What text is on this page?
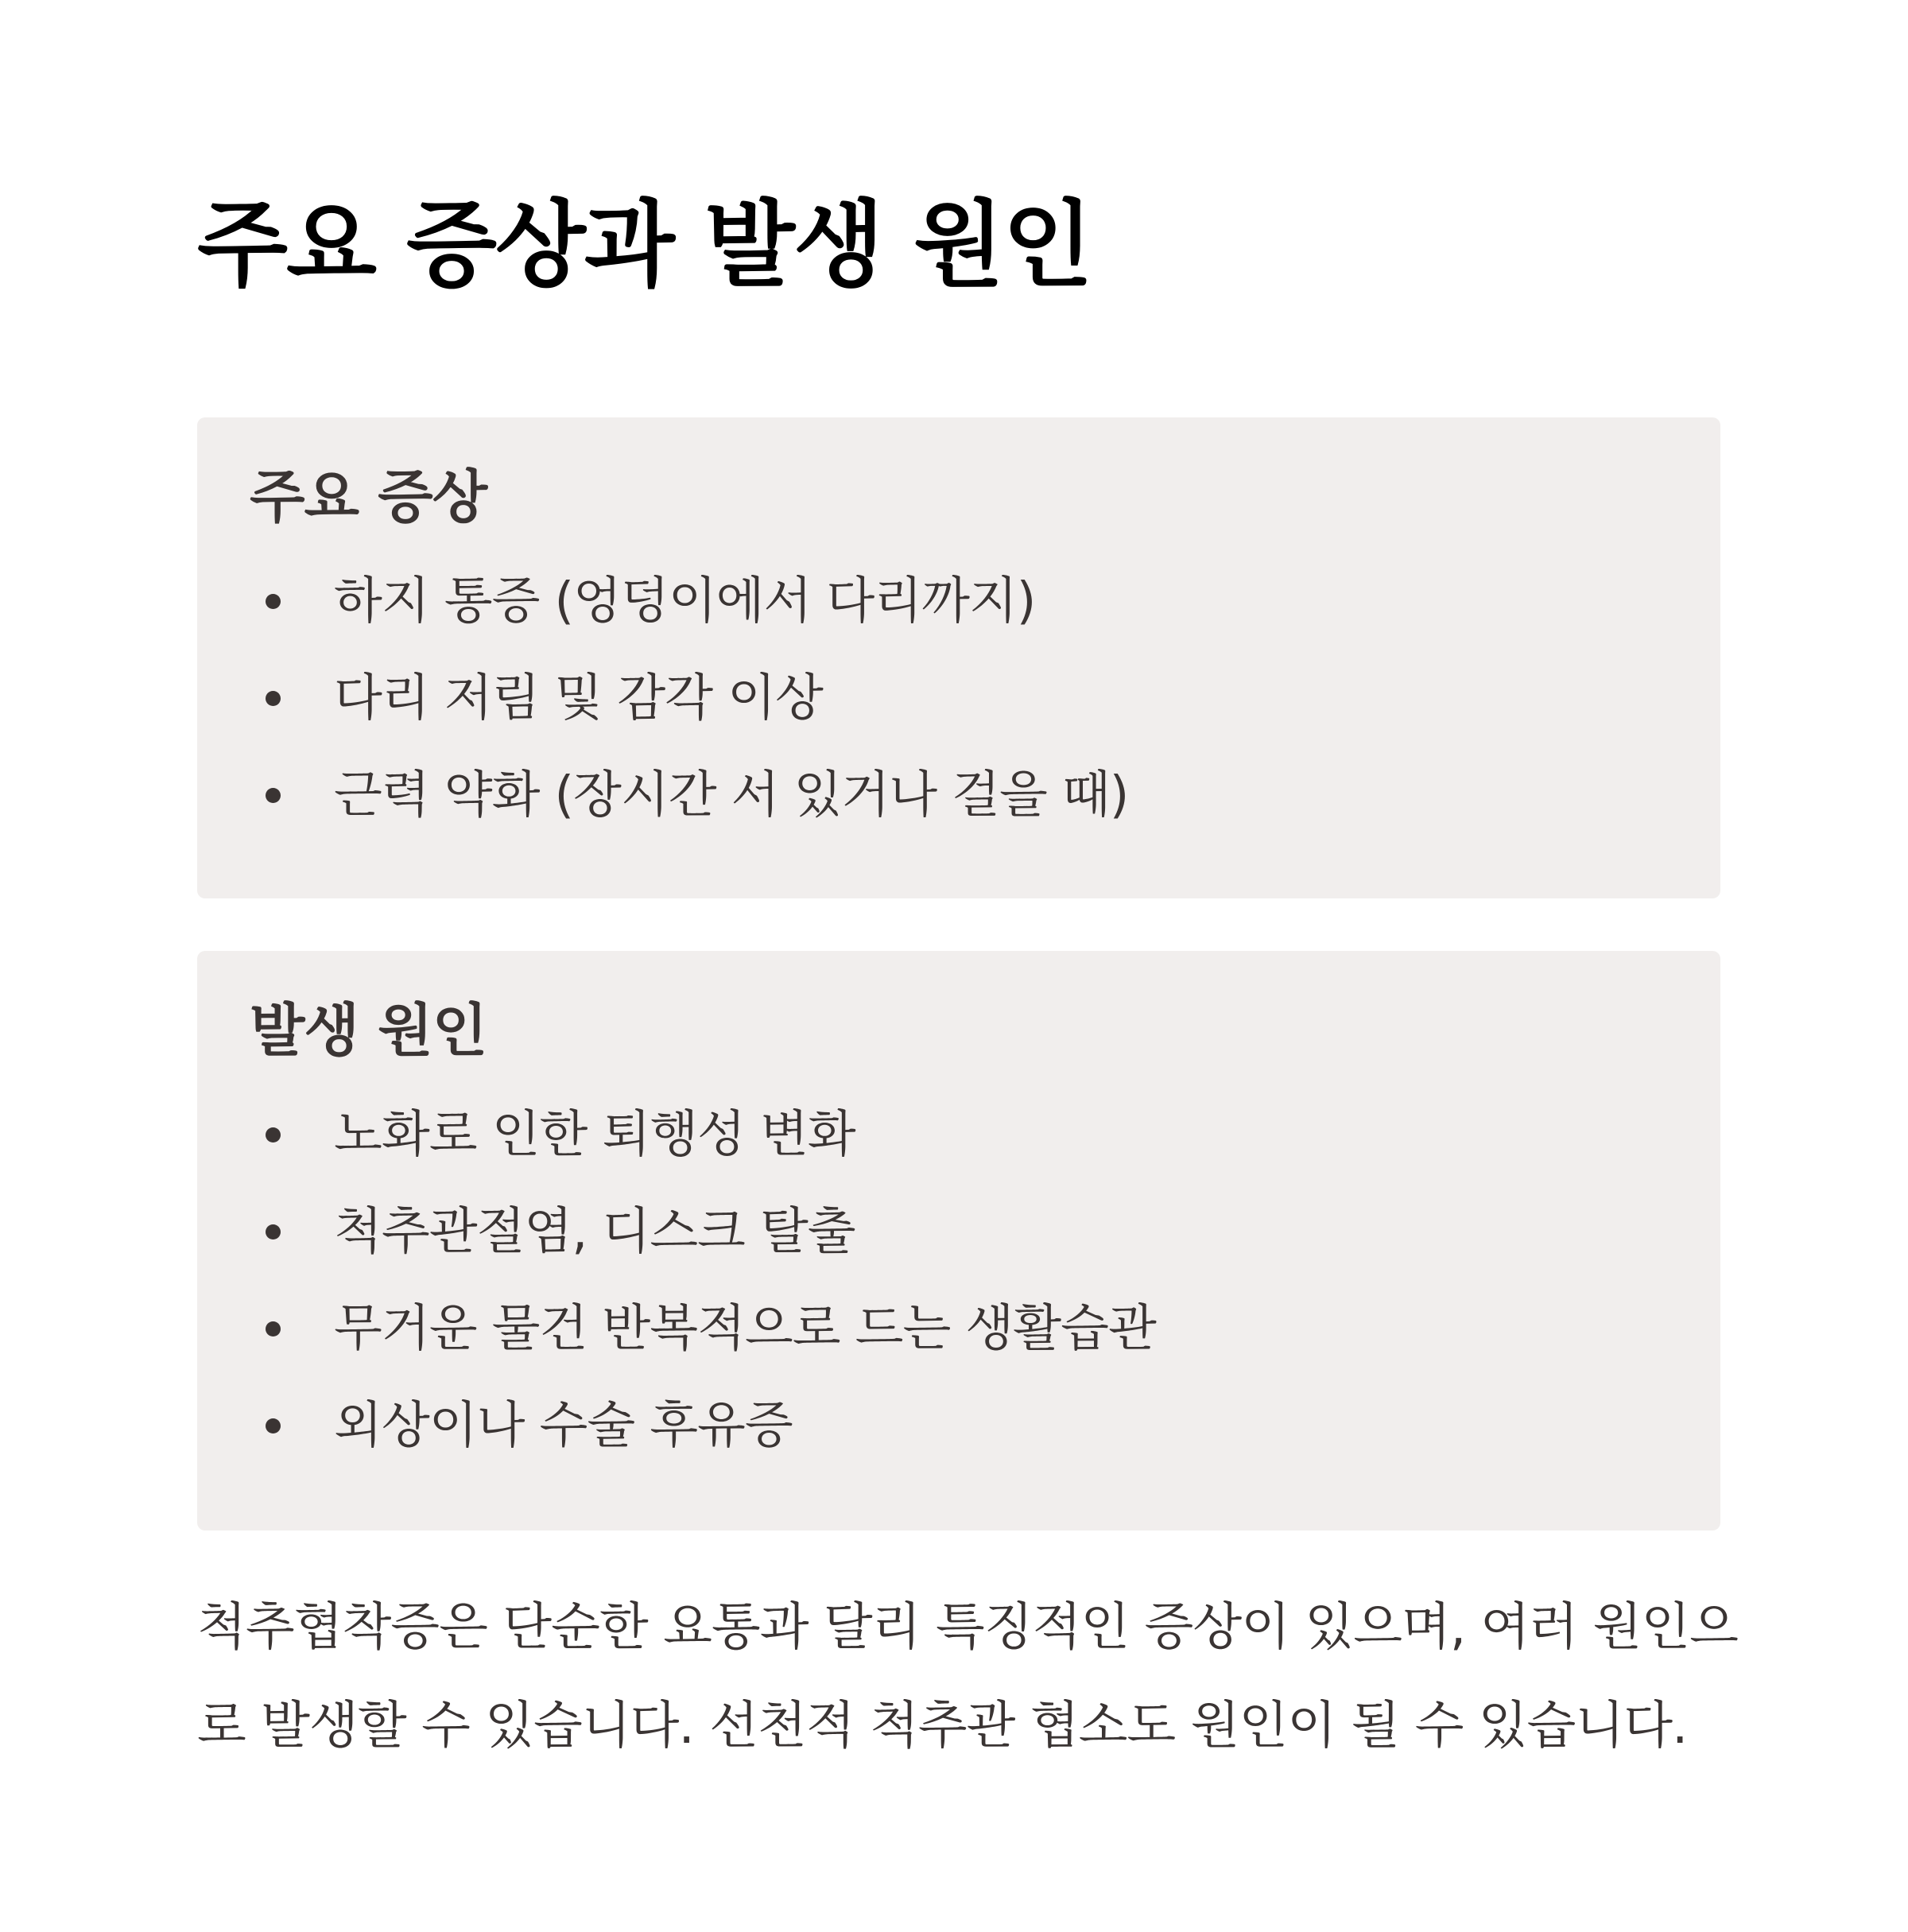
주요 증상과 발생 원인
주요 증상
하지 통증 (엉덩이에서 다리까지)
다리 저림 및 감각 이상
근력 약화 (장시간 서 있거나 걸을 때)
발생 원인
노화로 인한 퇴행성 변화
척추관절염, 디스크 탈출
무거운 물건 반복적으로 드는 생활습관
외상이나 수술 후유증

척추협착증은 단순한 요통과 달리 특징적인 증상이 있으며, 여러 원인으
로 발생할 수 있습니다. 선천적 척추관 협소도 원인이 될 수 있습니다.
